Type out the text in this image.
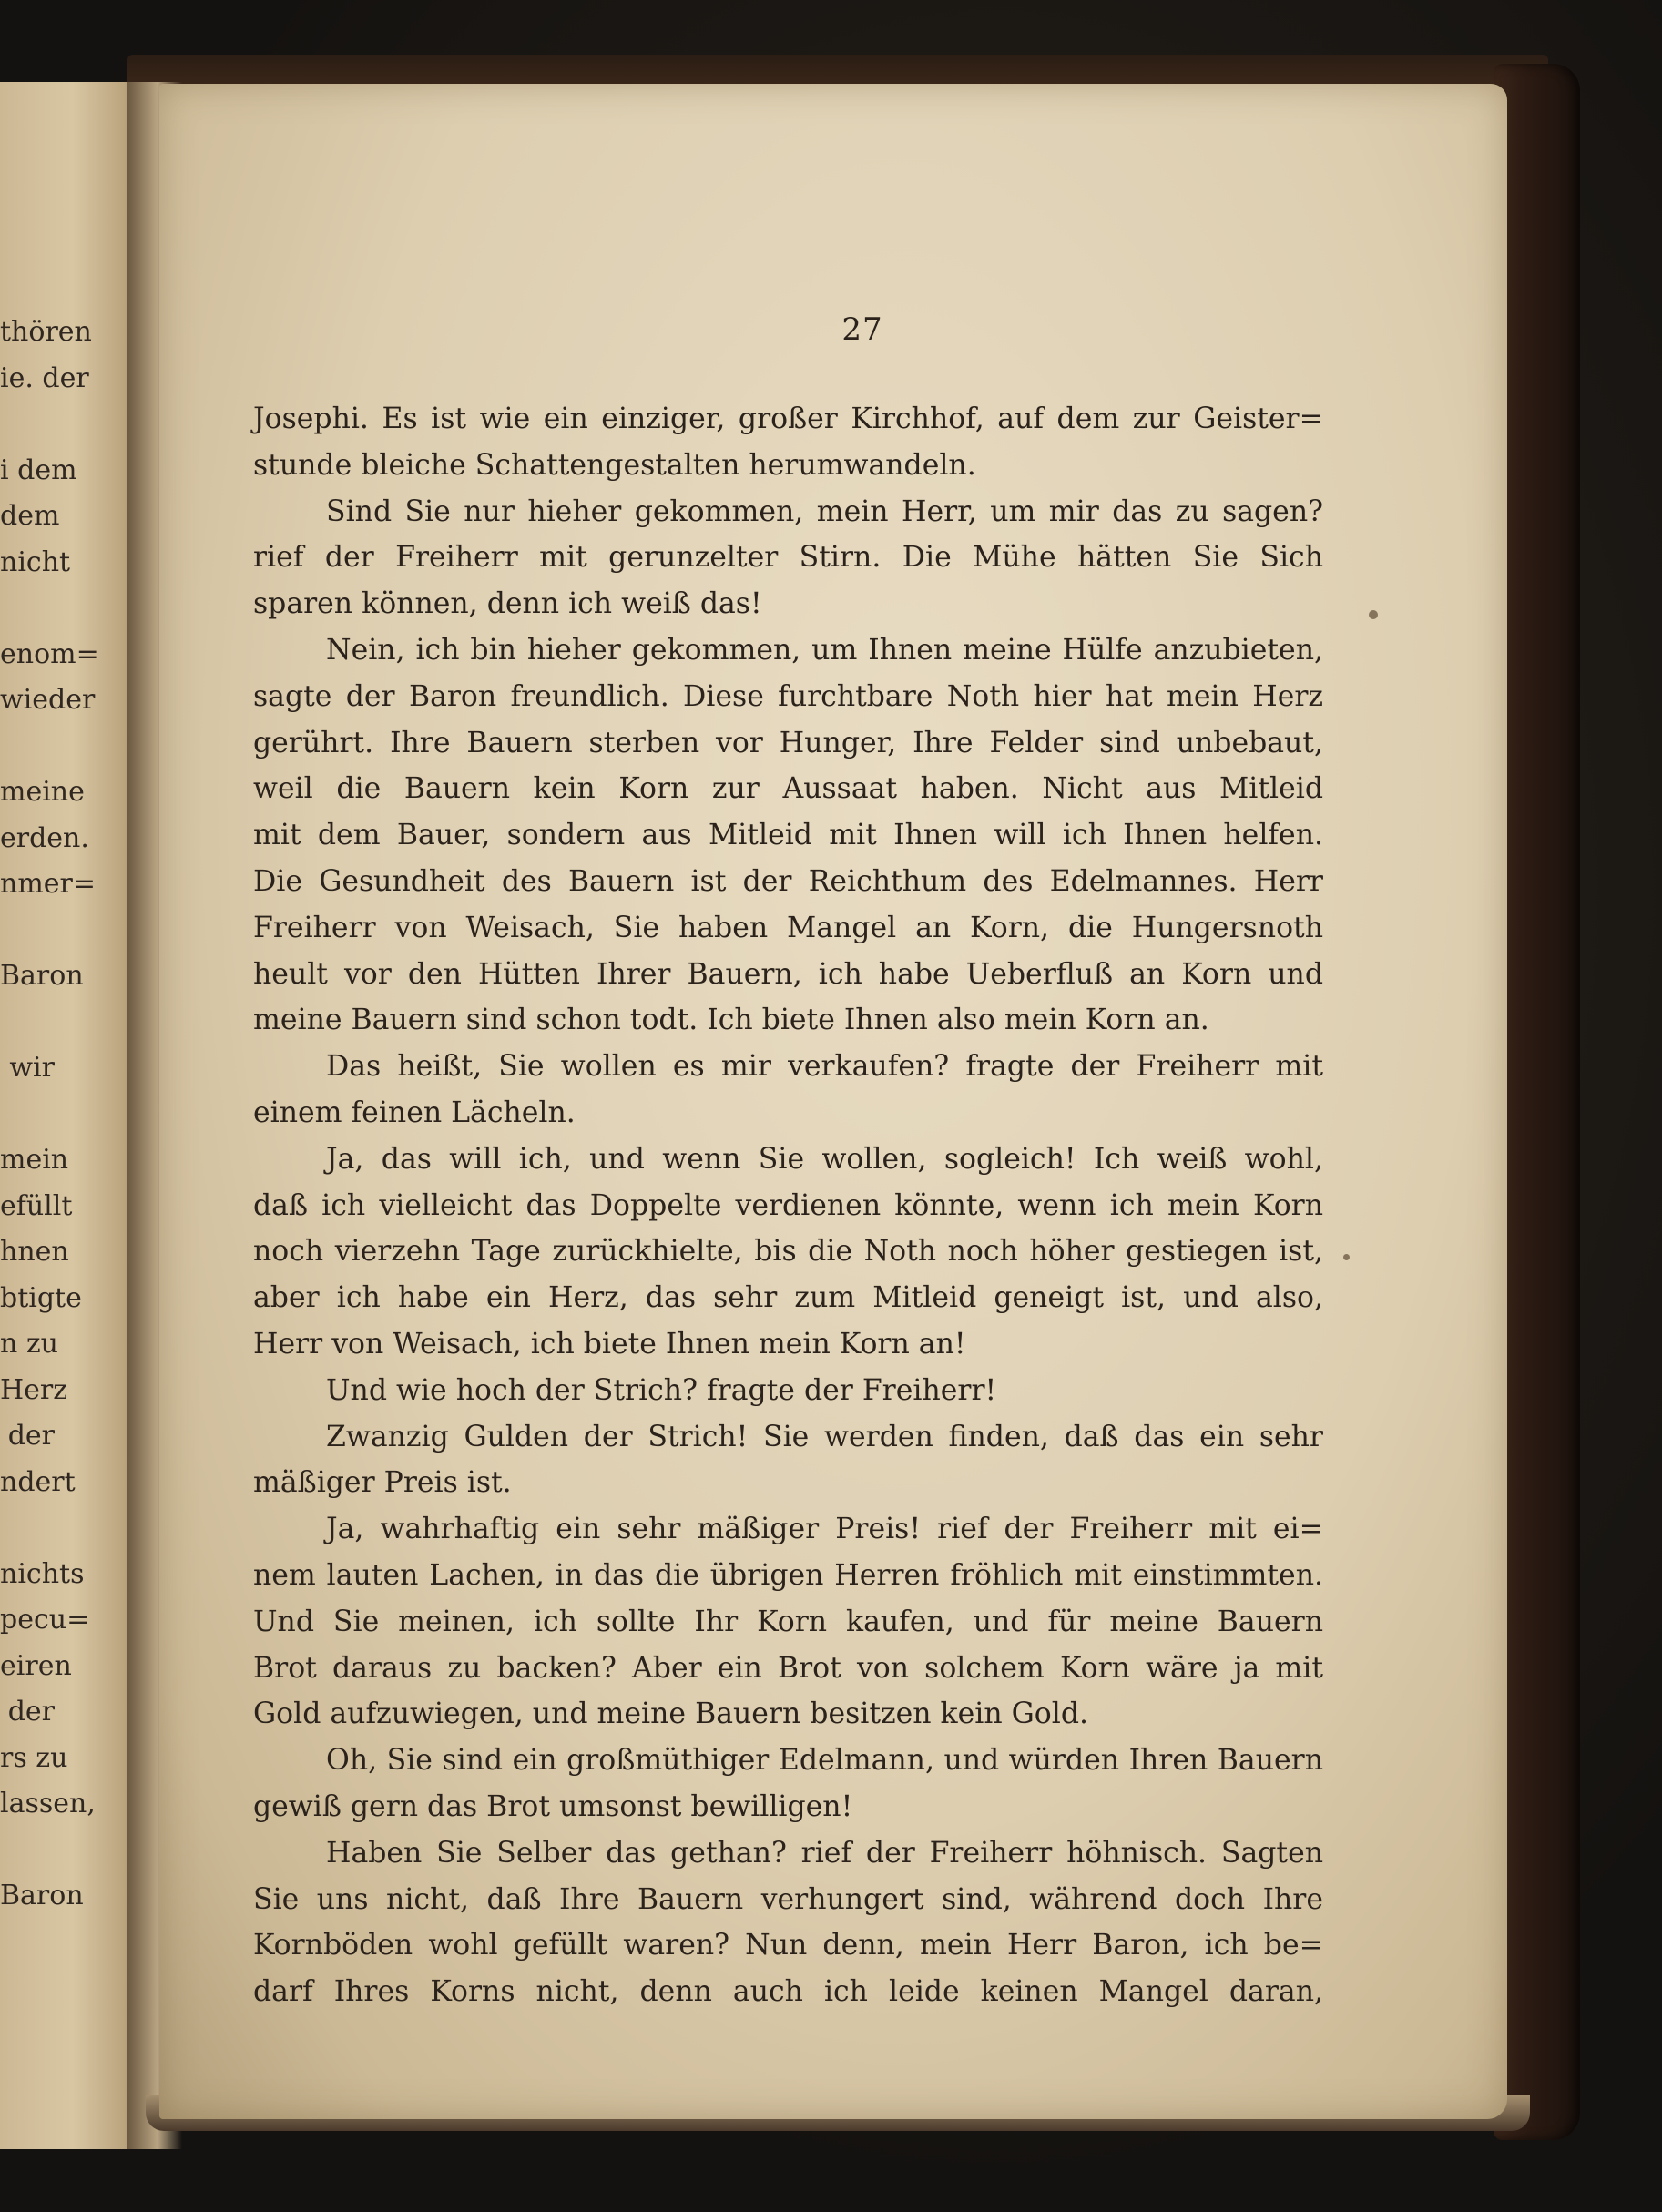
thören
ie. der
i dem
dem
nicht
enom=
wieder
meine
erden.
nmer=
Baron
wir
mein
efüllt
hnen
btigte
n zu
Herz
der
ndert
nichts
pecu=
eiren
der
rs zu
lassen,
Baron
27
Josephi. Es ist wie ein einziger, großer Kirchhof, auf dem zur Geister=
stunde bleiche Schattengestalten herumwandeln.
Sind Sie nur hieher gekommen, mein Herr, um mir das zu sagen?
rief der Freiherr mit gerunzelter Stirn. Die Mühe hätten Sie Sich
sparen können, denn ich weiß das!
Nein, ich bin hieher gekommen, um Ihnen meine Hülfe anzubieten,
sagte der Baron freundlich. Diese furchtbare Noth hier hat mein Herz
gerührt. Ihre Bauern sterben vor Hunger, Ihre Felder sind unbebaut,
weil die Bauern kein Korn zur Aussaat haben. Nicht aus Mitleid
mit dem Bauer, sondern aus Mitleid mit Ihnen will ich Ihnen helfen.
Die Gesundheit des Bauern ist der Reichthum des Edelmannes. Herr
Freiherr von Weisach, Sie haben Mangel an Korn, die Hungersnoth
heult vor den Hütten Ihrer Bauern, ich habe Ueberfluß an Korn und
meine Bauern sind schon todt. Ich biete Ihnen also mein Korn an.
Das heißt, Sie wollen es mir verkaufen? fragte der Freiherr mit
einem feinen Lächeln.
Ja, das will ich, und wenn Sie wollen, sogleich! Ich weiß wohl,
daß ich vielleicht das Doppelte verdienen könnte, wenn ich mein Korn
noch vierzehn Tage zurückhielte, bis die Noth noch höher gestiegen ist,
aber ich habe ein Herz, das sehr zum Mitleid geneigt ist, und also,
Herr von Weisach, ich biete Ihnen mein Korn an!
Und wie hoch der Strich? fragte der Freiherr!
Zwanzig Gulden der Strich! Sie werden finden, daß das ein sehr
mäßiger Preis ist.
Ja, wahrhaftig ein sehr mäßiger Preis! rief der Freiherr mit ei=
nem lauten Lachen, in das die übrigen Herren fröhlich mit einstimmten.
Und Sie meinen, ich sollte Ihr Korn kaufen, und für meine Bauern
Brot daraus zu backen? Aber ein Brot von solchem Korn wäre ja mit
Gold aufzuwiegen, und meine Bauern besitzen kein Gold.
Oh, Sie sind ein großmüthiger Edelmann, und würden Ihren Bauern
gewiß gern das Brot umsonst bewilligen!
Haben Sie Selber das gethan? rief der Freiherr höhnisch. Sagten
Sie uns nicht, daß Ihre Bauern verhungert sind, während doch Ihre
Kornböden wohl gefüllt waren? Nun denn, mein Herr Baron, ich be=
darf Ihres Korns nicht, denn auch ich leide keinen Mangel daran,
